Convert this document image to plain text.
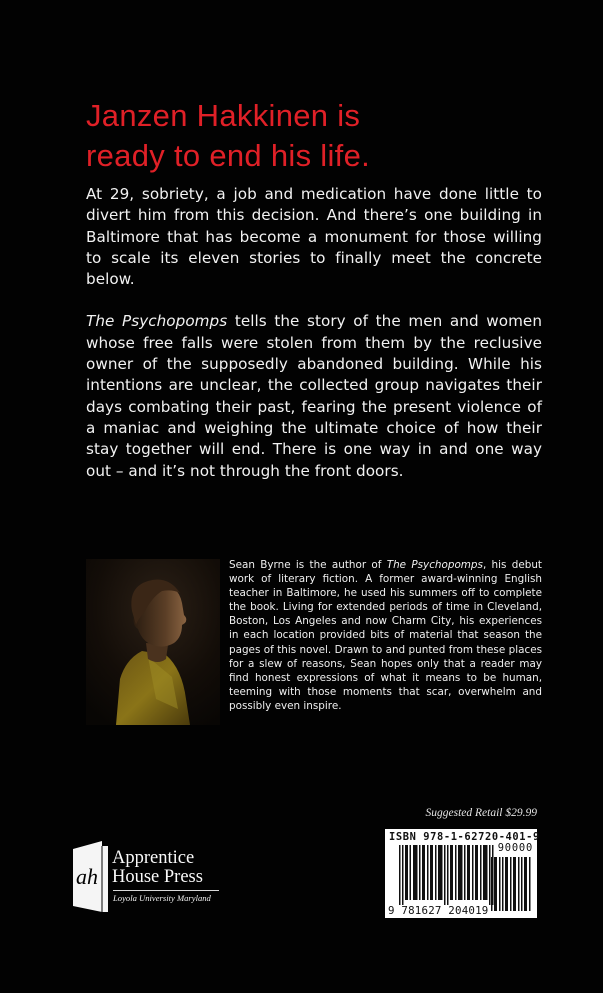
Janzen Hakkinen is
ready to end his life.

At 29, sobriety, a job and medication have done little to divert him from this decision. And there’s one building in Baltimore that has become a monument for those willing to scale its eleven stories to finally meet the concrete below.

The Psychopomps tells the story of the men and women whose free falls were stolen from them by the reclusive owner of the supposedly abandoned building. While his intentions are unclear, the collected group navigates their days combating their past, fearing the present violence of a maniac and weighing the ultimate choice of how their stay together will end. There is one way in and one way out – and it’s not through the front doors.

Sean Byrne is the author of The Psychopomps, his debut work of literary fiction. A former award-winning English teacher in Baltimore, he used his summers off to complete the book. Living for extended periods of time in Cleveland, Boston, Los Angeles and now Charm City, his experiences in each location provided bits of material that season the pages of this novel. Drawn to and punted from these places for a slew of reasons, Sean hopes only that a reader may find honest expressions of what it means to be human, teeming with those moments that scar, overwhelm and possibly even inspire.

ah
Apprentice
House Press
Loyola University Maryland
Suggested Retail $29.99
ISBN 978-1-62720-401-9
90000
9 781627 204019
